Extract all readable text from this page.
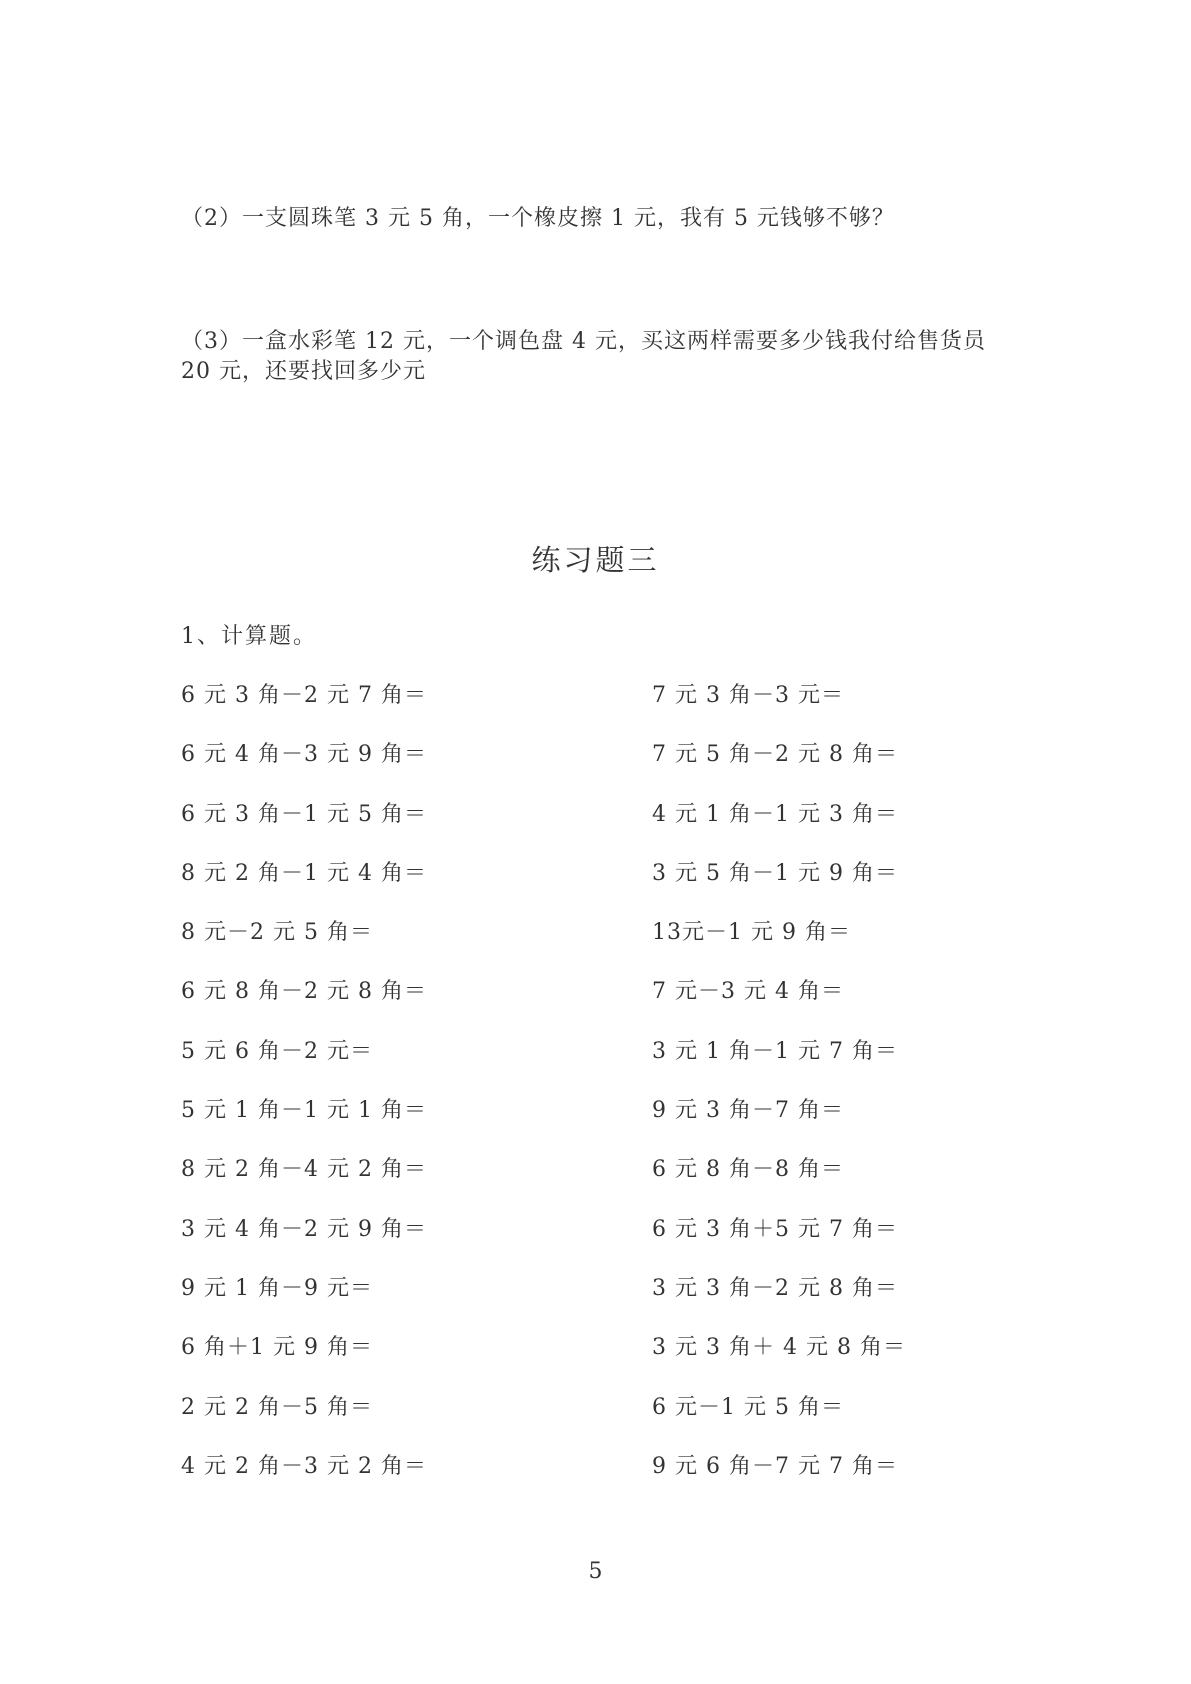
（2）一支圆珠笔 3 元 5 角，一个橡皮擦 1 元，我有 5 元钱够不够？
（3）一盒水彩笔 12 元，一个调色盘 4 元，买这两样需要多少钱我付给售货员
20 元，还要找回多少元
练习题三
1、计算题。
6 元 3 角－2 元 7 角＝	7 元 3 角－3 元＝
6 元 4 角－3 元 9 角＝	7 元 5 角－2 元 8 角＝
6 元 3 角－1 元 5 角＝	4 元 1 角－1 元 3 角＝
8 元 2 角－1 元 4 角＝	3 元 5 角－1 元 9 角＝
8 元－2 元 5 角＝	13元－1 元 9 角＝
6 元 8 角－2 元 8 角＝	7 元－3 元 4 角＝
5 元 6 角－2 元＝	3 元 1 角－1 元 7 角＝
5 元 1 角－1 元 1 角＝	9 元 3 角－7 角＝
8 元 2 角－4 元 2 角＝	6 元 8 角－8 角＝
3 元 4 角－2 元 9 角＝	6 元 3 角＋5 元 7 角＝
9 元 1 角－9 元＝	3 元 3 角－2 元 8 角＝
6 角＋1 元 9 角＝	3 元 3 角＋ 4 元 8 角＝
2 元 2 角－5 角＝	6 元－1 元 5 角＝
4 元 2 角－3 元 2 角＝	9 元 6 角－7 元 7 角＝
5
